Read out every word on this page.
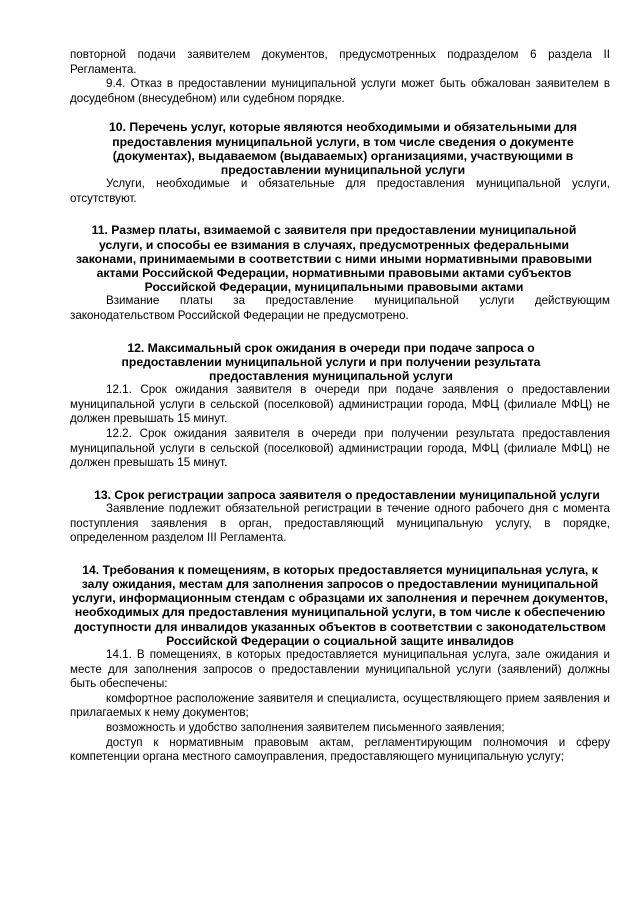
повторной подачи заявителем документов, предусмотренных подразделом 6 раздела II Регламента.

9.4. Отказ в предоставлении муниципальной услуги может быть обжалован заявителем в досудебном (внесудебном) или судебном порядке.

10. Перечень услуг, которые являются необходимыми и обязательными для предоставления муниципальной услуги, в том числе сведения о документе (документах), выдаваемом (выдаваемых) организациями, участвующими в предоставлении муниципальной услуги

Услуги, необходимые и обязательные для предоставления муниципальной услуги, отсутствуют.

11. Размер платы, взимаемой с заявителя при предоставлении муниципальной услуги, и способы ее взимания в случаях, предусмотренных федеральными законами, принимаемыми в соответствии с ними иными нормативными правовыми актами Российской Федерации, нормативными правовыми актами субъектов Российской Федерации, муниципальными правовыми актами

Взимание платы за предоставление муниципальной услуги действующим законодательством Российской Федерации не предусмотрено.

12. Максимальный срок ожидания в очереди при подаче запроса о предоставлении муниципальной услуги и при получении результата предоставления муниципальной услуги

12.1. Срок ожидания заявителя в очереди при подаче заявления о предоставлении муниципальной услуги в сельской (поселковой) администрации города, МФЦ (филиале МФЦ) не должен превышать 15 минут.

12.2. Срок ожидания заявителя в очереди при получении результата предоставления муниципальной услуги в сельской (поселковой) администрации города, МФЦ (филиале МФЦ) не должен превышать 15 минут.

13. Срок регистрации запроса заявителя о предоставлении муниципальной услуги

Заявление подлежит обязательной регистрации в течение одного рабочего дня с момента поступления заявления в орган, предоставляющий муниципальную услугу, в порядке, определенном разделом III Регламента.

14. Требования к помещениям, в которых предоставляется муниципальная услуга, к залу ожидания, местам для заполнения запросов о предоставлении муниципальной услуги, информационным стендам с образцами их заполнения и перечнем документов, необходимых для предоставления муниципальной услуги, в том числе к обеспечению доступности для инвалидов указанных объектов в соответствии с законодательством Российской Федерации о социальной защите инвалидов

14.1. В помещениях, в которых предоставляется муниципальная услуга, зале ожидания и месте для заполнения запросов о предоставлении муниципальной услуги (заявлений) должны быть обеспечены:

комфортное расположение заявителя и специалиста, осуществляющего прием заявления и прилагаемых к нему документов;

возможность и удобство заполнения заявителем письменного заявления;

доступ к нормативным правовым актам, регламентирующим полномочия и сферу компетенции органа местного самоуправления, предоставляющего муниципальную услугу;
